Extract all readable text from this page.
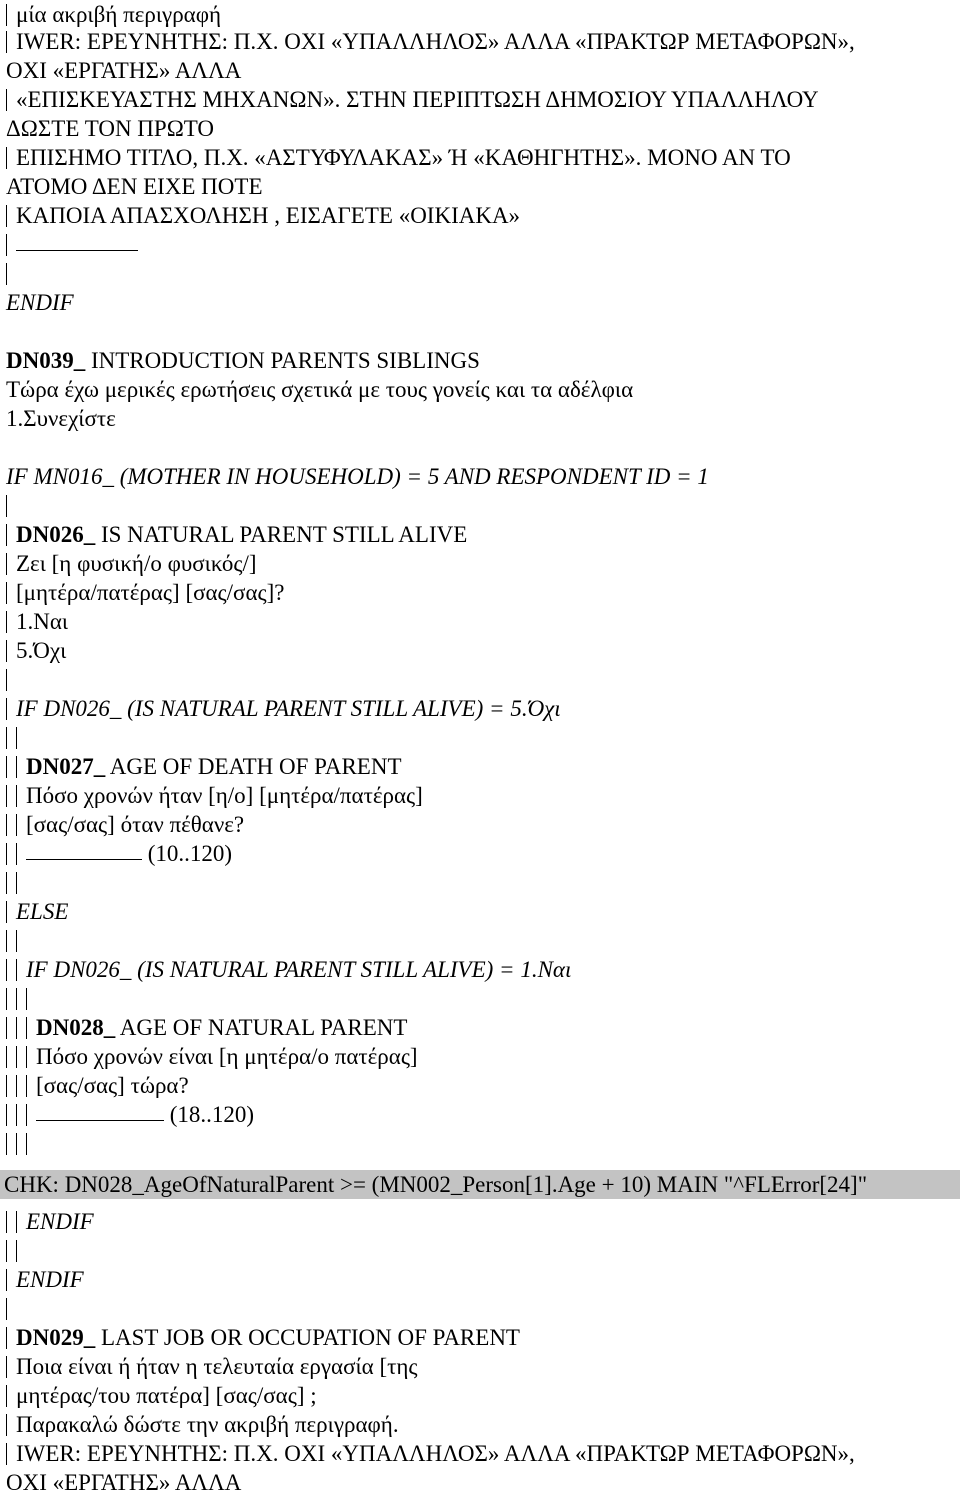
μία ακριβή περιγραφή
IWER: ΕΡΕΥΝΗΤΗΣ: Π.Χ. ΟΧΙ «ΥΠΑΛΛΗΛΟΣ» ΑΛΛΑ «ΠΡΑΚΤΩΡ ΜΕΤΑΦΟΡΩΝ»,
ΟΧΙ «ΕΡΓΑΤΗΣ» ΑΛΛΑ
«ΕΠΙΣΚΕΥΑΣΤΗΣ ΜΗΧΑΝΩΝ». ΣΤΗΝ ΠΕΡΙΠΤΩΣΗ ΔΗΜΟΣΙΟΥ ΥΠΑΛΛΗΛΟΥ
ΔΩΣΤΕ ΤΟΝ ΠΡΩΤΟ
ΕΠΙΣΗΜΟ ΤΙΤΛΟ, Π.Χ. «ΑΣΤΥΦΥΛΑΚΑΣ» Ή «ΚΑΘΗΓΗΤΗΣ». ΜΟΝΟ ΑΝ ΤΟ
ΑΤΟΜΟ ΔΕΝ ΕΙΧΕ ΠΟΤΕ
ΚΑΠΟΙΑ ΑΠΑΣΧΟΛΗΣΗ , ΕΙΣΑΓΕΤΕ «ΟΙΚΙΑΚΑ»
ENDIF
DN039_ INTRODUCTION PARENTS SIBLINGS
Τώρα έχω μερικές ερωτήσεις σχετικά με τους γονείς και τα αδέλφια
1.Συνεχίστε
IF MN016_ (MOTHER IN HOUSEHOLD) = 5 AND RESPONDENT ID = 1
DN026_ IS NATURAL PARENT STILL ALIVE
Ζει [η φυσική/ο φυσικός/]
[μητέρα/πατέρας] [σας/σας]?
1.Ναι
5.Όχι
IF DN026_ (IS NATURAL PARENT STILL ALIVE) = 5.Όχι
DN027_ AGE OF DEATH OF PARENT
Πόσο χρονών ήταν [η/ο] [μητέρα/πατέρας]
[σας/σας] όταν πέθανε?
(10..120)
ELSE
IF DN026_ (IS NATURAL PARENT STILL ALIVE) = 1.Ναι
DN028_ AGE OF NATURAL PARENT
Πόσο χρονών είναι [η μητέρα/ο πατέρας]
[σας/σας] τώρα?
(18..120)
CHK: DN028_AgeOfNaturalParent >= (MN002_Person[1].Age + 10) MAIN "^FLError[24]"
ENDIF
ENDIF
DN029_ LAST JOB OR OCCUPATION OF PARENT
Ποια είναι ή ήταν η τελευταία εργασία [της
μητέρας/του πατέρα] [σας/σας] ;
Παρακαλώ δώστε την ακριβή περιγραφή.
IWER: ΕΡΕΥΝΗΤΗΣ: Π.Χ. ΟΧΙ «ΥΠΑΛΛΗΛΟΣ» ΑΛΛΑ «ΠΡΑΚΤΩΡ ΜΕΤΑΦΟΡΩΝ»,
ΟΧΙ «ΕΡΓΑΤΗΣ» ΑΛΛΑ
